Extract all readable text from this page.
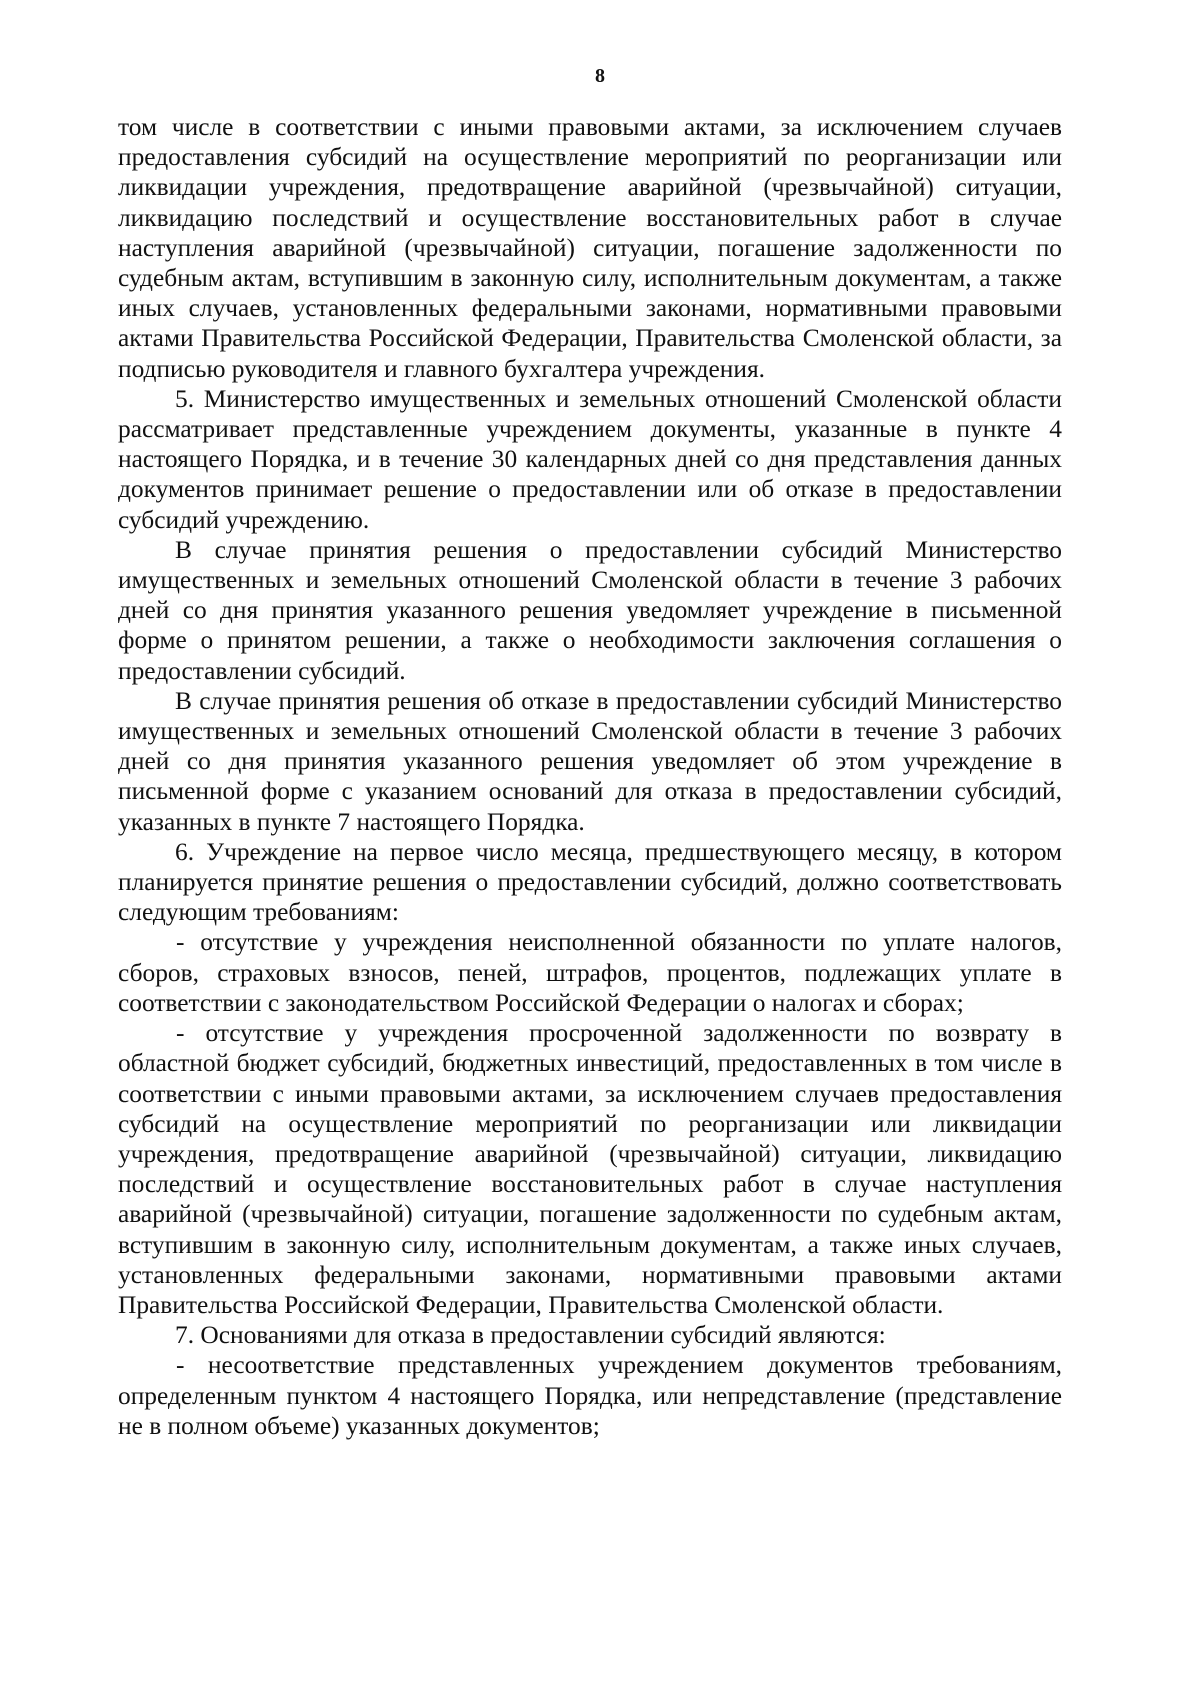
8

том числе в соответствии с иными правовыми актами, за исключением случаев предоставления субсидий на осуществление мероприятий по реорганизации или ликвидации учреждения, предотвращение аварийной (чрезвычайной) ситуации, ликвидацию последствий и осуществление восстановительных работ в случае наступления аварийной (чрезвычайной) ситуации, погашение задолженности по судебным актам, вступившим в законную силу, исполнительным документам, а также иных случаев, установленных федеральными законами, нормативными правовыми актами Правительства Российской Федерации, Правительства Смоленской области, за подписью руководителя и главного бухгалтера учреждения.

5. Министерство имущественных и земельных отношений Смоленской области рассматривает представленные учреждением документы, указанные в пункте 4 настоящего Порядка, и в течение 30 календарных дней со дня представления данных документов принимает решение о предоставлении или об отказе в предоставлении субсидий учреждению.

В случае принятия решения о предоставлении субсидий Министерство имущественных и земельных отношений Смоленской области в течение 3 рабочих дней со дня принятия указанного решения уведомляет учреждение в письменной форме о принятом решении, а также о необходимости заключения соглашения о предоставлении субсидий.

В случае принятия решения об отказе в предоставлении субсидий Министерство имущественных и земельных отношений Смоленской области в течение 3 рабочих дней со дня принятия указанного решения уведомляет об этом учреждение в письменной форме с указанием оснований для отказа в предоставлении субсидий, указанных в пункте 7 настоящего Порядка.

6. Учреждение на первое число месяца, предшествующего месяцу, в котором планируется принятие решения о предоставлении субсидий, должно соответствовать следующим требованиям:

- отсутствие у учреждения неисполненной обязанности по уплате налогов, сборов, страховых взносов, пеней, штрафов, процентов, подлежащих уплате в соответствии с законодательством Российской Федерации о налогах и сборах;

- отсутствие у учреждения просроченной задолженности по возврату в областной бюджет субсидий, бюджетных инвестиций, предоставленных в том числе в соответствии с иными правовыми актами, за исключением случаев предоставления субсидий на осуществление мероприятий по реорганизации или ликвидации учреждения, предотвращение аварийной (чрезвычайной) ситуации, ликвидацию последствий и осуществление восстановительных работ в случае наступления аварийной (чрезвычайной) ситуации, погашение задолженности по судебным актам, вступившим в законную силу, исполнительным документам, а также иных случаев, установленных федеральными законами, нормативными правовыми актами Правительства Российской Федерации, Правительства Смоленской области.

7. Основаниями для отказа в предоставлении субсидий являются:

- несоответствие представленных учреждением документов требованиям, определенным пунктом 4 настоящего Порядка, или непредставление (представление не в полном объеме) указанных документов;
